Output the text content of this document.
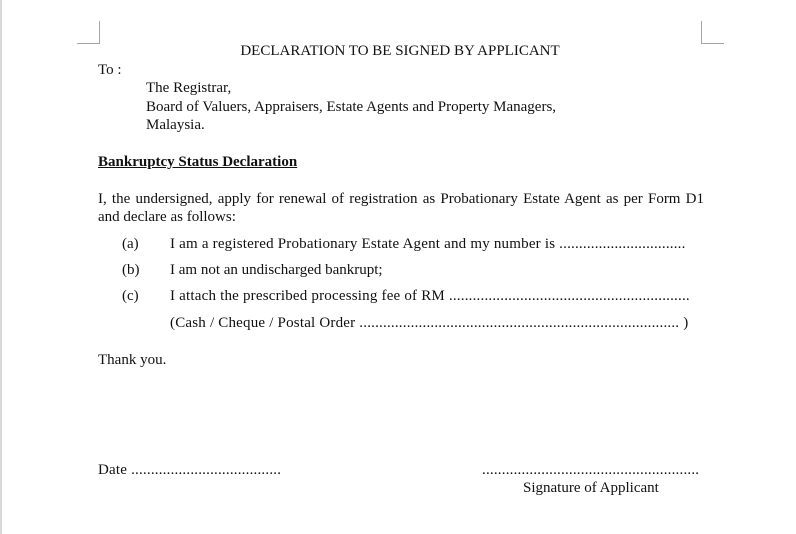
DECLARATION TO BE SIGNED BY APPLICANT
To :
The Registrar,
Board of Valuers, Appraisers, Estate Agents and Property Managers,
Malaysia.
Bankruptcy Status Declaration
I, the undersigned, apply for renewal of registration as Probationary Estate Agent as per Form D1 and declare as follows:
(a) I am a registered Probationary Estate Agent and my number is ................................
(b) I am not an undischarged bankrupt;
(c) I attach the prescribed processing fee of RM .............................................................
(Cash / Cheque / Postal Order ................................................................................. )
Thank you.
Date ......................................	.......................................................
Signature of Applicant
